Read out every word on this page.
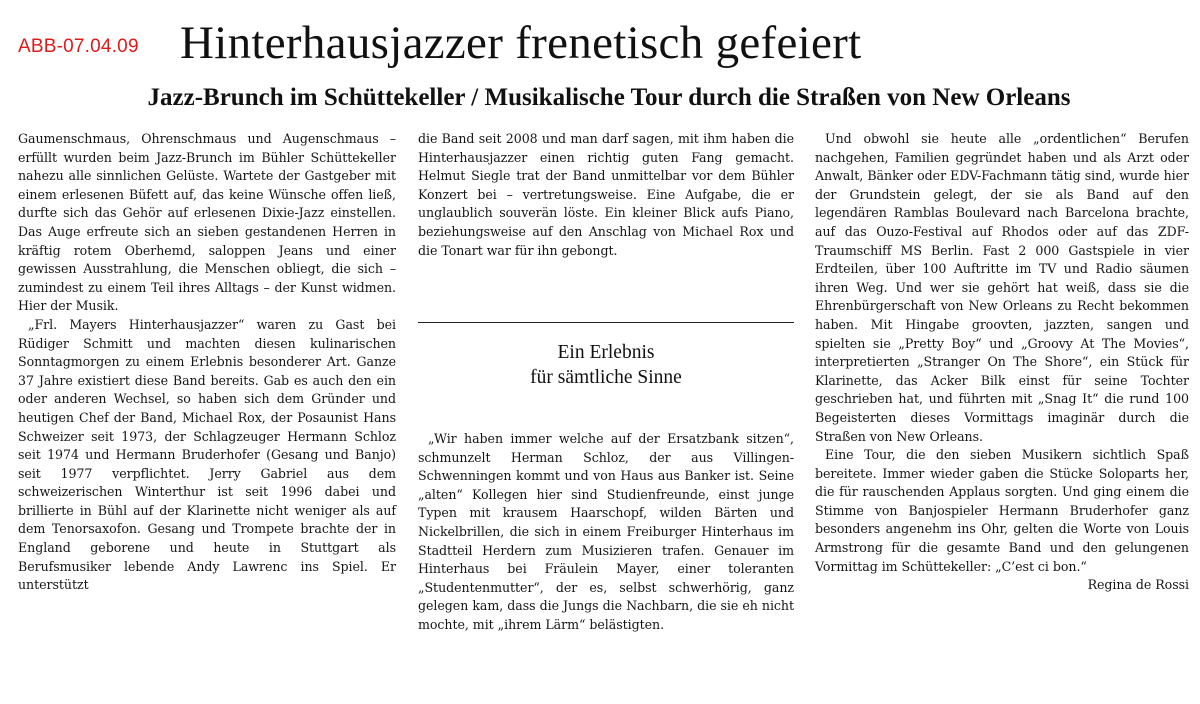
ABB-07.04.09 Hinterhausjazzer frenetisch gefeiert
Jazz-Brunch im Schüttekeller / Musikalische Tour durch die Straßen von New Orleans

Gaumenschmaus, Ohrenschmaus und Augenschmaus – erfüllt wurden beim Jazz-Brunch im Bühler Schüttekeller nahezu alle sinnlichen Gelüste. Wartete der Gastgeber mit einem erlesenen Büfett auf, das keine Wünsche offen ließ, durfte sich das Gehör auf erlesenen Dixie-Jazz einstellen. Das Auge erfreute sich an sieben gestandenen Herren in kräftig rotem Oberhemd, saloppen Jeans und einer gewissen Ausstrahlung, die Menschen obliegt, die sich – zumindest zu einem Teil ihres Alltags – der Kunst widmen. Hier der Musik.

„Frl. Mayers Hinterhausjazzer“ waren zu Gast bei Rüdiger Schmitt und machten diesen kulinarischen Sonntagmorgen zu einem Erlebnis besonderer Art. Ganze 37 Jahre existiert diese Band bereits. Gab es auch den ein oder anderen Wechsel, so haben sich dem Gründer und heutigen Chef der Band, Michael Rox, der Posaunist Hans Schweizer seit 1973, der Schlagzeuger Hermann Schloz seit 1974 und Hermann Bruderhofer (Gesang und Banjo) seit 1977 verpflichtet. Jerry Gabriel aus dem schweizerischen Winterthur ist seit 1996 dabei und brillierte in Bühl auf der Klarinette nicht weniger als auf dem Tenorsaxofon. Gesang und Trompete brachte der in England geborene und heute in Stuttgart als Berufsmusiker lebende Andy Lawrenc ins Spiel. Er unterstützt

die Band seit 2008 und man darf sagen, mit ihm haben die Hinterhausjazzer einen richtig guten Fang gemacht. Helmut Siegle trat der Band unmittelbar vor dem Bühler Konzert bei – vertretungsweise. Eine Aufgabe, die er unglaublich souverän löste. Ein kleiner Blick aufs Piano, beziehungsweise auf den Anschlag von Michael Rox und die Tonart war für ihn gebongt.

Ein Erlebnis
für sämtliche Sinne

„Wir haben immer welche auf der Ersatzbank sitzen“, schmunzelt Herman Schloz, der aus Villingen-Schwenningen kommt und von Haus aus Banker ist. Seine „alten“ Kollegen hier sind Studienfreunde, einst junge Typen mit krausem Haarschopf, wilden Bärten und Nickelbrillen, die sich in einem Freiburger Hinterhaus im Stadtteil Herdern zum Musizieren trafen. Genauer im Hinterhaus bei Fräulein Mayer, einer toleranten „Studentenmutter“, der es, selbst schwerhörig, ganz gelegen kam, dass die Jungs die Nachbarn, die sie eh nicht mochte, mit „ihrem Lärm“ belästigten.

Und obwohl sie heute alle „ordentlichen“ Berufen nachgehen, Familien gegründet haben und als Arzt oder Anwalt, Bänker oder EDV-Fachmann tätig sind, wurde hier der Grundstein gelegt, der sie als Band auf den legendären Ramblas Boulevard nach Barcelona brachte, auf das Ouzo-Festival auf Rhodos oder auf das ZDF-Traumschiff MS Berlin. Fast 2 000 Gastspiele in vier Erdteilen, über 100 Auftritte im TV und Radio säumen ihren Weg. Und wer sie gehört hat weiß, dass sie die Ehrenbürgerschaft von New Orleans zu Recht bekommen haben. Mit Hingabe groovten, jazzten, sangen und spielten sie „Pretty Boy“ und „Groovy At The Movies“, interpretierten „Stranger On The Shore“, ein Stück für Klarinette, das Acker Bilk einst für seine Tochter geschrieben hat, und führten mit „Snag It“ die rund 100 Begeisterten dieses Vormittags imaginär durch die Straßen von New Orleans.

Eine Tour, die den sieben Musikern sichtlich Spaß bereitete. Immer wieder gaben die Stücke Soloparts her, die für rauschenden Applaus sorgten. Und ging einem die Stimme von Banjospieler Hermann Bruderhofer ganz besonders angenehm ins Ohr, gelten die Worte von Louis Armstrong für die gesamte Band und den gelungenen Vormittag im Schüttekeller: „C’est ci bon.“

Regina de Rossi
